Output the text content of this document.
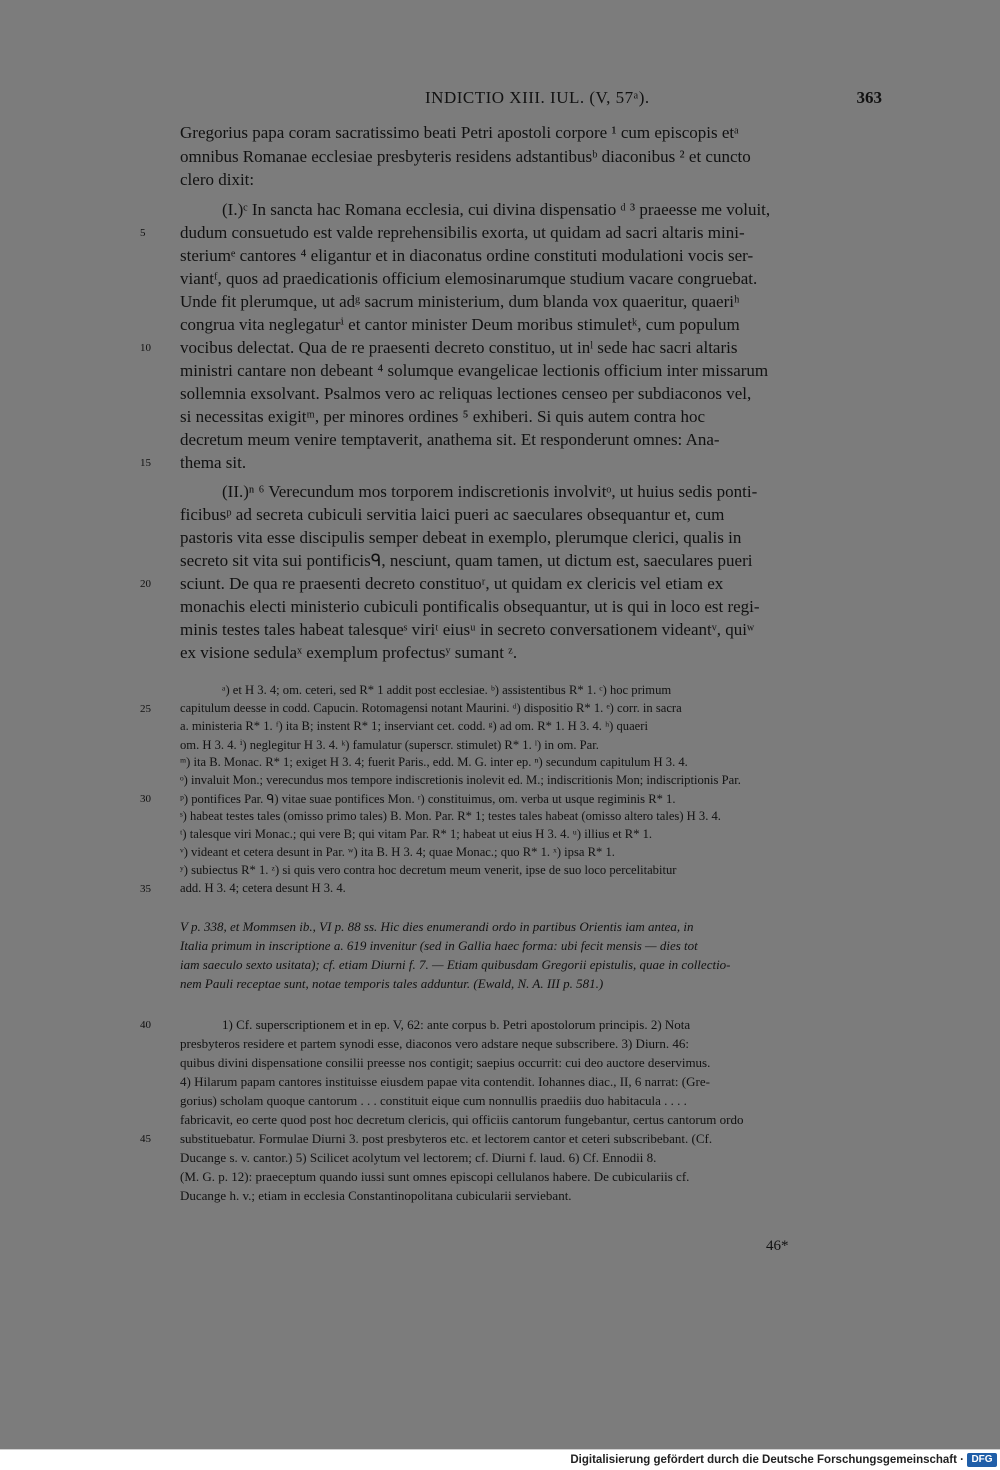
INDICTIO XIII. IUL. (V, 57ᵃ).	363
Gregorius papa coram sacratissimo beati Petri apostoli corpore ¹ cum episcopis etᵃ
omnibus Romanae ecclesiae presbyteris residens adstantibusᵇ diaconibus ² et cuncto
clero dixit:
(I.)ᶜ In sancta hac Romana ecclesia, cui divina dispensatio ᵈ ³ praeesse me voluit,
dudum consuetudo est valde reprehensibilis exorta, ut quidam ad sacri altaris mini-
steriumᵉ cantores ⁴ eligantur et in diaconatus ordine constituti modulationi vocis ser-
viantᶠ, quos ad praedicationis officium elemosinarumque studium vacare congruebat.
Unde fit plerumque, ut adᵍ sacrum ministerium, dum blanda vox quaeritur, quaeriʰ
congrua vita neglegaturⁱ et cantor minister Deum moribus stimuletᵏ, cum populum
vocibus delectat. Qua de re praesenti decreto constituo, ut inˡ sede hac sacri altaris
ministri cantare non debeant ⁴ solumque evangelicae lectionis officium inter missarum
sollemnia exsolvant. Psalmos vero ac reliquas lectiones censeo per subdiaconos vel,
si necessitas exigitᵐ, per minores ordines ⁵ exhiberi. Si quis autem contra hoc
decretum meum venire temptaverit, anathema sit. Et responderunt omnes: Ana-
thema sit.
(II.)ⁿ ⁶ Verecundum mos torporem indiscretionis involvitᵒ, ut huius sedis ponti-
ficibusᵖ ad secreta cubiculi servitia laici pueri ac saeculares obsequantur et, cum
pastoris vita esse discipulis semper debeat in exemplo, plerumque clerici, qualis in
secreto sit vita sui pontificisᑫ, nesciunt, quam tamen, ut dictum est, saeculares pueri
sciunt. De qua re praesenti decreto constituoʳ, ut quidam ex clericis vel etiam ex
monachis electi ministerio cubiculi pontificalis obsequantur, ut is qui in loco est regi-
minis testes tales habeat talesqueˢ viriᵗ eiusᵘ in secreto conversationem videantᵛ, quiʷ
ex visione sedulaˣ exemplum profectusʸ sumant ᶻ.
ᵃ) et H 3. 4; om. ceteri, sed R* 1 addit post ecclesiae. ᵇ) assistentibus R* 1. ᶜ) hoc primum
capitulum deesse in codd. Capucin. Rotomagensi notant Maurini. ᵈ) dispositio R* 1. ᵉ) corr. in sacra
a. ministeria R* 1. ᶠ) ita B; instent R* 1; inserviant cet. codd. ᵍ) ad om. R* 1. H 3. 4. ʰ) quaeri
om. H 3. 4. ⁱ) neglegitur H 3. 4. ᵏ) famulatur (superscr. stimulet) R* 1. ˡ) in om. Par.
ᵐ) ita B. Monac. R* 1; exiget H 3. 4; fuerit Paris., edd. M. G. inter ep. ⁿ) secundum capitulum H 3. 4.
ᵒ) invaluit Mon.; verecundus mos tempore indiscretionis inolevit ed. M.; indiscritionis Mon; indiscriptionis Par.
ᵖ) pontifices Par. ᑫ) vitae suae pontifices Mon. ʳ) constituimus, om. verba ut usque regiminis R* 1.
ˢ) habeat testes tales (omisso primo tales) B. Mon. Par. R* 1; testes tales habeat (omisso altero tales) H 3. 4.
ᵗ) talesque viri Monac.; qui vere B; qui vitam Par. R* 1; habeat ut eius H 3. 4. ᵘ) illius et R* 1.
ᵛ) videant et cetera desunt in Par. ʷ) ita B. H 3. 4; quae Monac.; quo R* 1. ˣ) ipsa R* 1.
ʸ) subiectus R* 1. ᶻ) si quis vero contra hoc decretum meum venerit, ipse de suo loco percelitabitur
add. H 3. 4; cetera desunt H 3. 4.
V p. 338, et Mommsen ib., VI p. 88 ss. Hic dies enumerandi ordo in partibus Orientis iam antea, in
Italia primum in inscriptione a. 619 invenitur (sed in Gallia haec forma: ubi fecit mensis — dies tot
iam saeculo sexto usitata); cf. etiam Diurni f. 7. — Etiam quibusdam Gregorii epistulis, quae in collectio-
nem Pauli receptae sunt, notae temporis tales adduntur. (Ewald, N. A. III p. 581.)
1) Cf. superscriptionem et in ep. V, 62: ante corpus b. Petri apostolorum principis. 2) Nota
presbyteros residere et partem synodi esse, diaconos vero adstare neque subscribere. 3) Diurn. 46:
quibus divini dispensatione consilii preesse nos contigit; saepius occurrit: cui deo auctore deservimus.
4) Hilarum papam cantores instituisse eiusdem papae vita contendit. Iohannes diac., II, 6 narrat: (Gre-
gorius) scholam quoque cantorum . . . constituit eique cum nonnullis praediis duo habitacula . . . .
fabricavit, eo certe quod post hoc decretum clericis, qui officiis cantorum fungebantur, certus cantorum ordo
substituebatur. Formulae Diurni 3. post presbyteros etc. et lectorem cantor et ceteri subscribebant. (Cf.
Ducange s. v. cantor.) 5) Scilicet acolytum vel lectorem; cf. Diurni f. laud. 6) Cf. Ennodii 8.
(M. G. p. 12): praeceptum quando iussi sunt omnes episcopi cellulanos habere. De cubiculariis cf.
Ducange h. v.; etiam in ecclesia Constantinopolitana cubicularii serviebant.
5
10
15
20
25
30
35
40
45
46*
Digitalisierung gefördert durch die Deutsche Forschungsgemeinschaft · DFG
